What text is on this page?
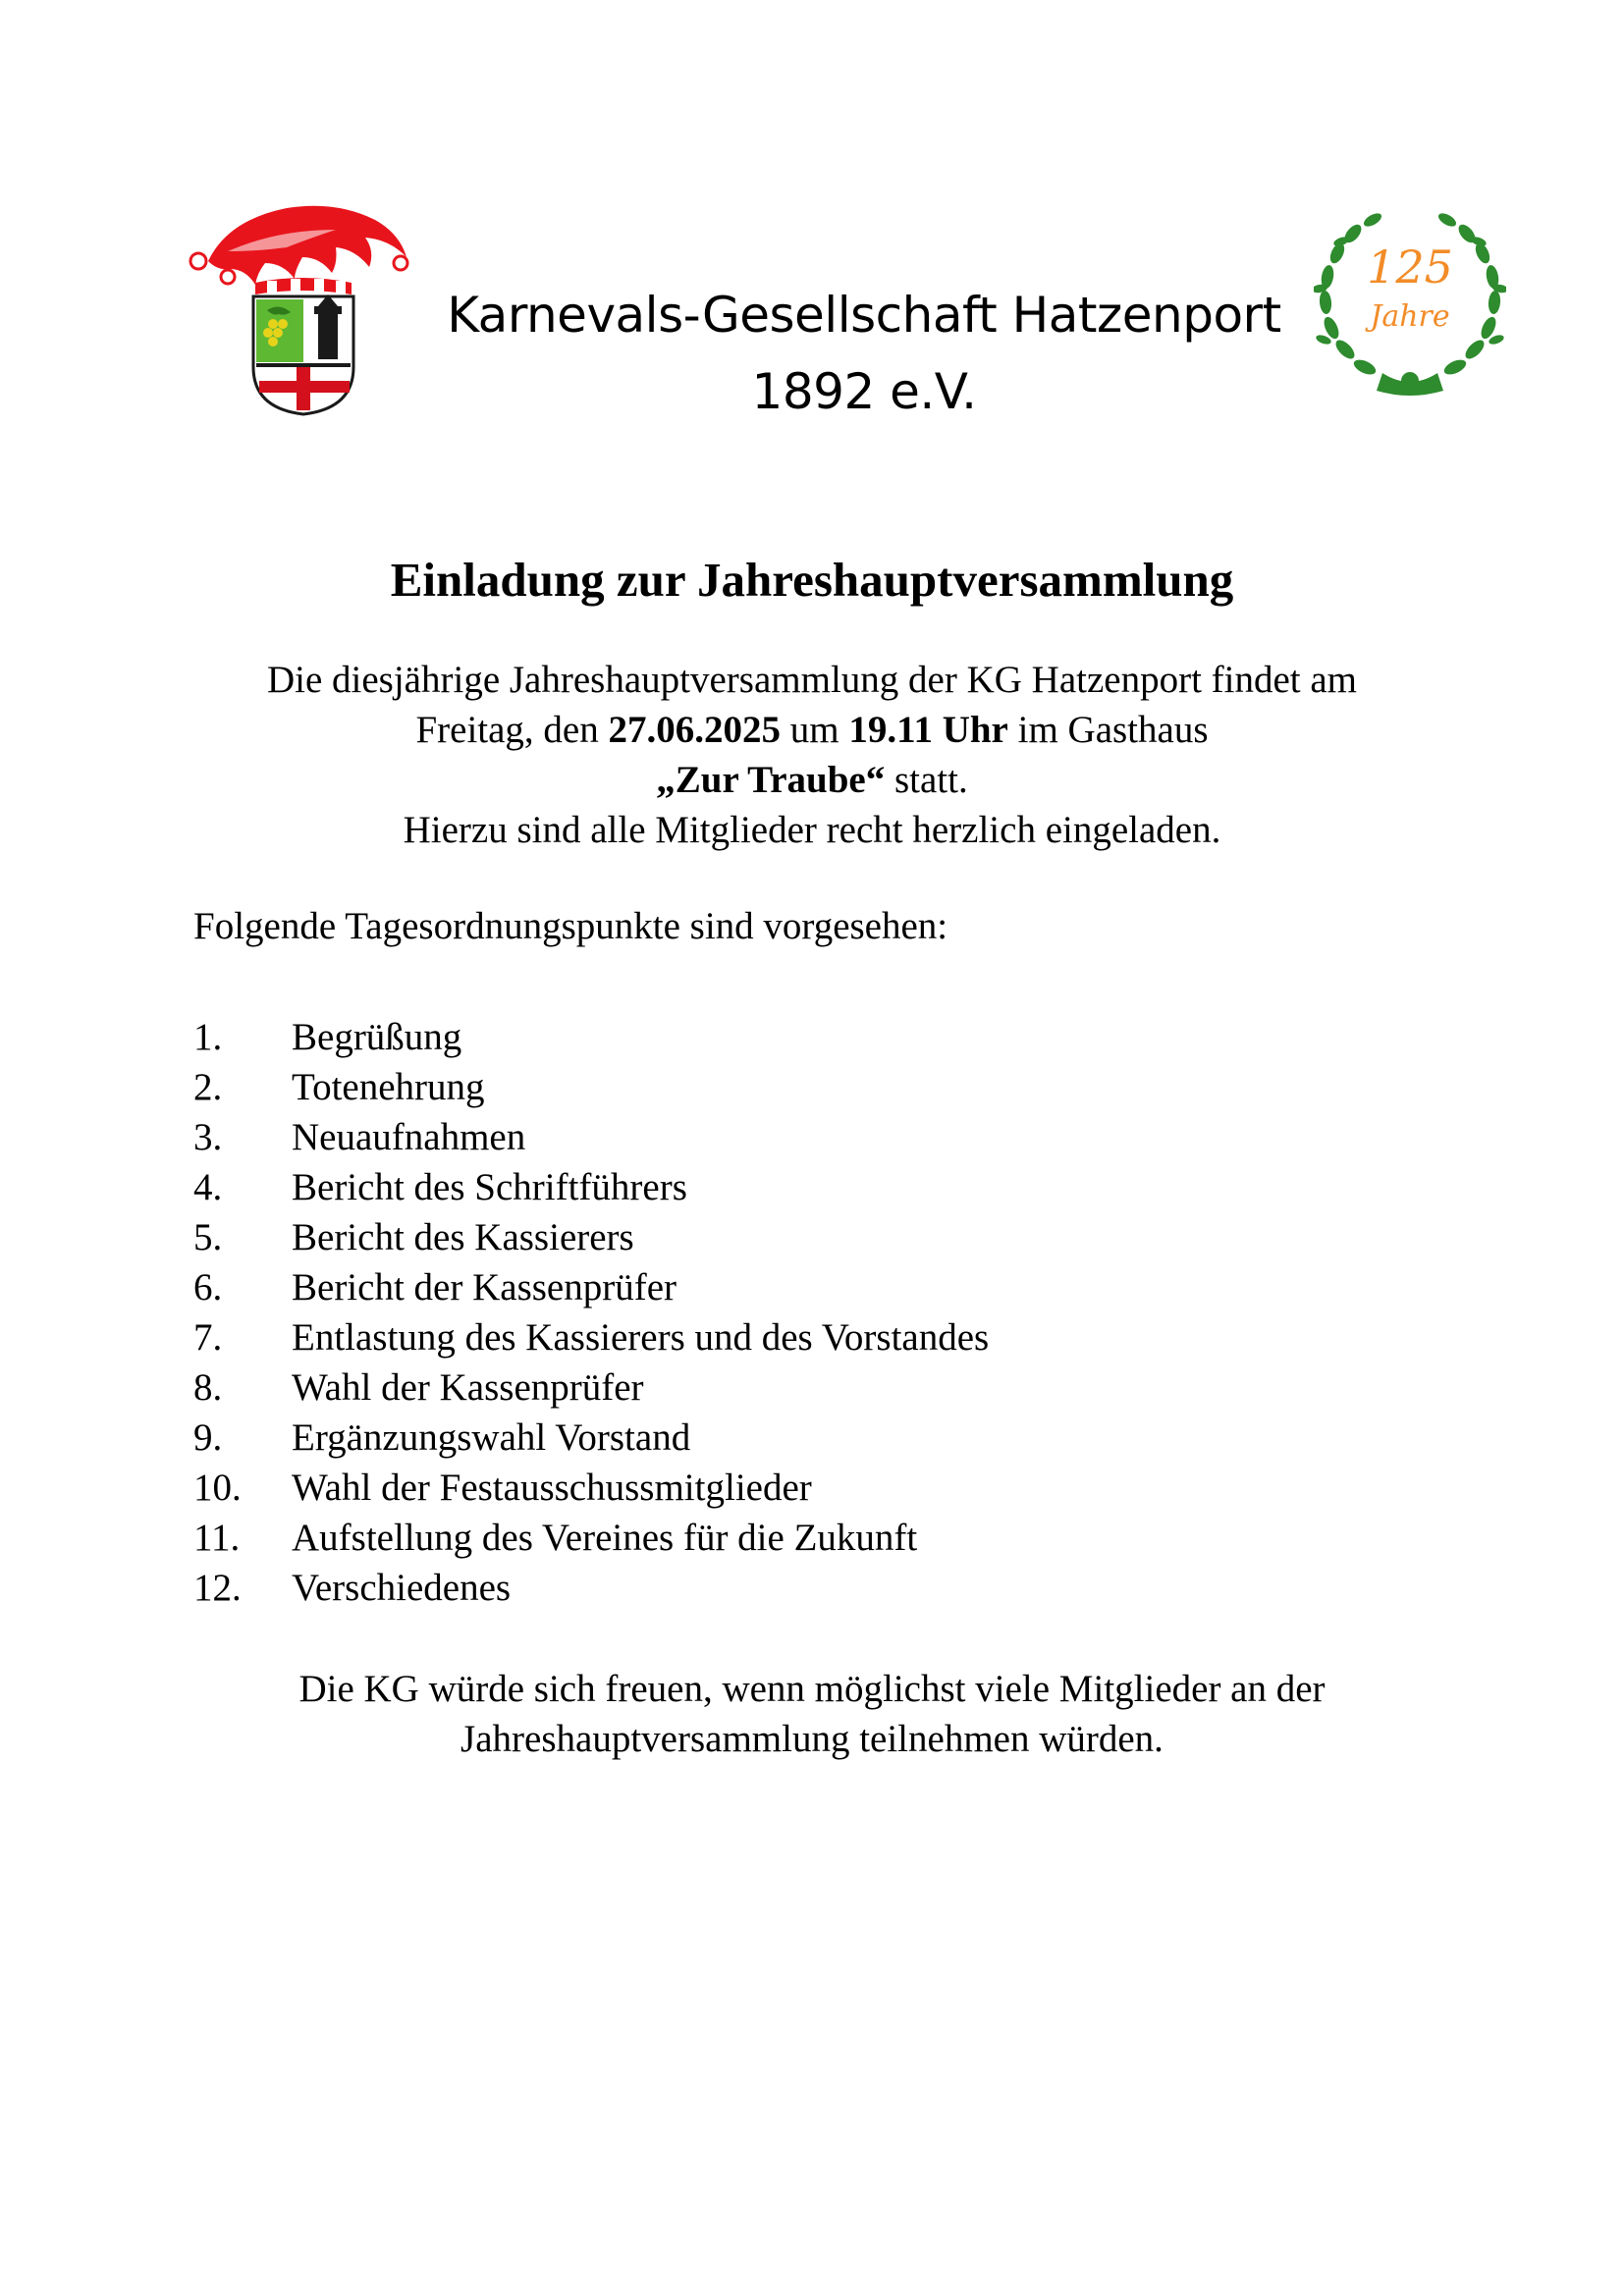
Karnevals-Gesellschaft Hatzenport
1892 e.V.
125
Jahre
Einladung zur Jahreshauptversammlung
Die diesjährige Jahreshauptversammlung der KG Hatzenport findet am
Freitag, den 27.06.2025 um 19.11 Uhr im Gasthaus
„Zur Traube“ statt.
Hierzu sind alle Mitglieder recht herzlich eingeladen.
Folgende Tagesordnungspunkte sind vorgesehen:
1.	Begrüßung
2.	Totenehrung
3.	Neuaufnahmen
4.	Bericht des Schriftführers
5.	Bericht des Kassierers
6.	Bericht der Kassenprüfer
7.	Entlastung des Kassierers und des Vorstandes
8.	Wahl der Kassenprüfer
9.	Ergänzungswahl Vorstand
10.	Wahl der Festausschussmitglieder
11.	Aufstellung des Vereines für die Zukunft
12.	Verschiedenes
Die KG würde sich freuen, wenn möglichst viele Mitglieder an der
Jahreshauptversammlung teilnehmen würden.
